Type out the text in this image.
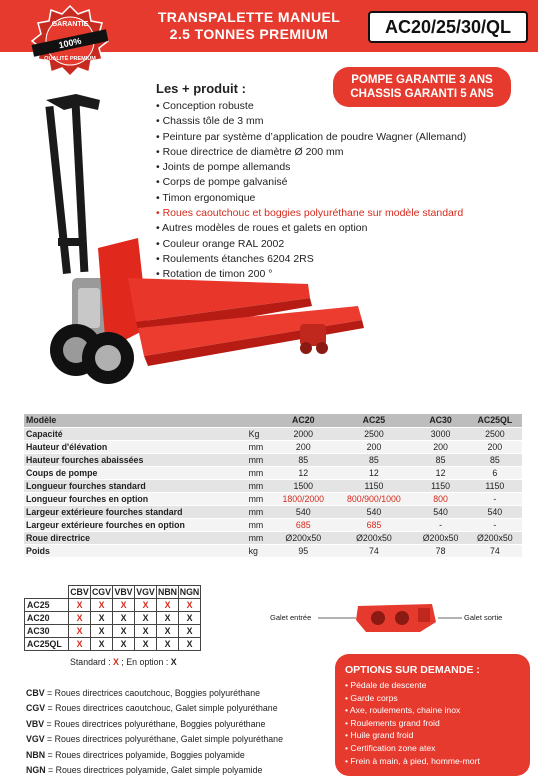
GARANTIE
100%
QUALITÉ PREMIUM
TRANSPALETTE MANUEL
2.5 TONNES PREMIUM	AC20/25/30/QL
POMPE GARANTIE 3 ANS
CHASSIS GARANTI 5 ANS
Les + produit :
• Conception robuste
• Chassis tôle de 3 mm
• Peinture par système d’application de poudre Wagner (Allemand)
• Roue directrice de diamètre Ø 200 mm
• Joints de pompe allemands
• Corps de pompe galvanisé
• Timon ergonomique
• Roues caoutchouc et boggies polyuréthane sur modèle standard
• Autres modèles de roues et galets en option
• Couleur orange RAL 2002
• Roulements étanches 6204 2RS
• Rotation de timon 200 °
Modèle		AC20	AC25	AC30	AC25QL
Capacité	Kg	2000	2500	3000	2500
Hauteur d'élévation	mm	200	200	200	200
Hauteur fourches abaissées	mm	85	85	85	85
Coups de pompe	mm	12	12	12	6
Longueur fourches standard	mm	1500	1150	1150	1150
Longueur fourches en option	mm	1800/2000	800/900/1000	800	-
Largeur extérieure fourches standard	mm	540	540	540	540
Largeur extérieure fourches en option	mm	685	685	-	-
Roue directrice	mm	Ø200x50	Ø200x50	Ø200x50	Ø200x50
Poids	kg	95	74	78	74
	CBV	CGV	VBV	VGV	NBN	NGN
AC25	X	X	X	X	X	X
AC20	X	X	X	X	X	X
AC30	X	X	X	X	X	X
AC25QL	X	X	X	X	X	X
Standard : X ; En option : X
Galet entrée	Galet sortie
CBV = Roues directrices caoutchouc, Boggies polyuréthane
CGV = Roues directrices caoutchouc, Galet simple polyuréthane
VBV = Roues directrices polyuréthane, Boggies polyuréthane
VGV = Roues directrices polyuréthane, Galet simple polyuréthane
NBN = Roues directrices polyamide, Boggies polyamide
NGN = Roues directrices polyamide, Galet simple polyamide
OPTIONS SUR DEMANDE :
• Pédale de descente
• Garde corps
• Axe, roulements, chaine inox
• Roulements grand froid
• Huile grand froid
• Certification zone atex
• Frein à main, à pied, homme-mort
